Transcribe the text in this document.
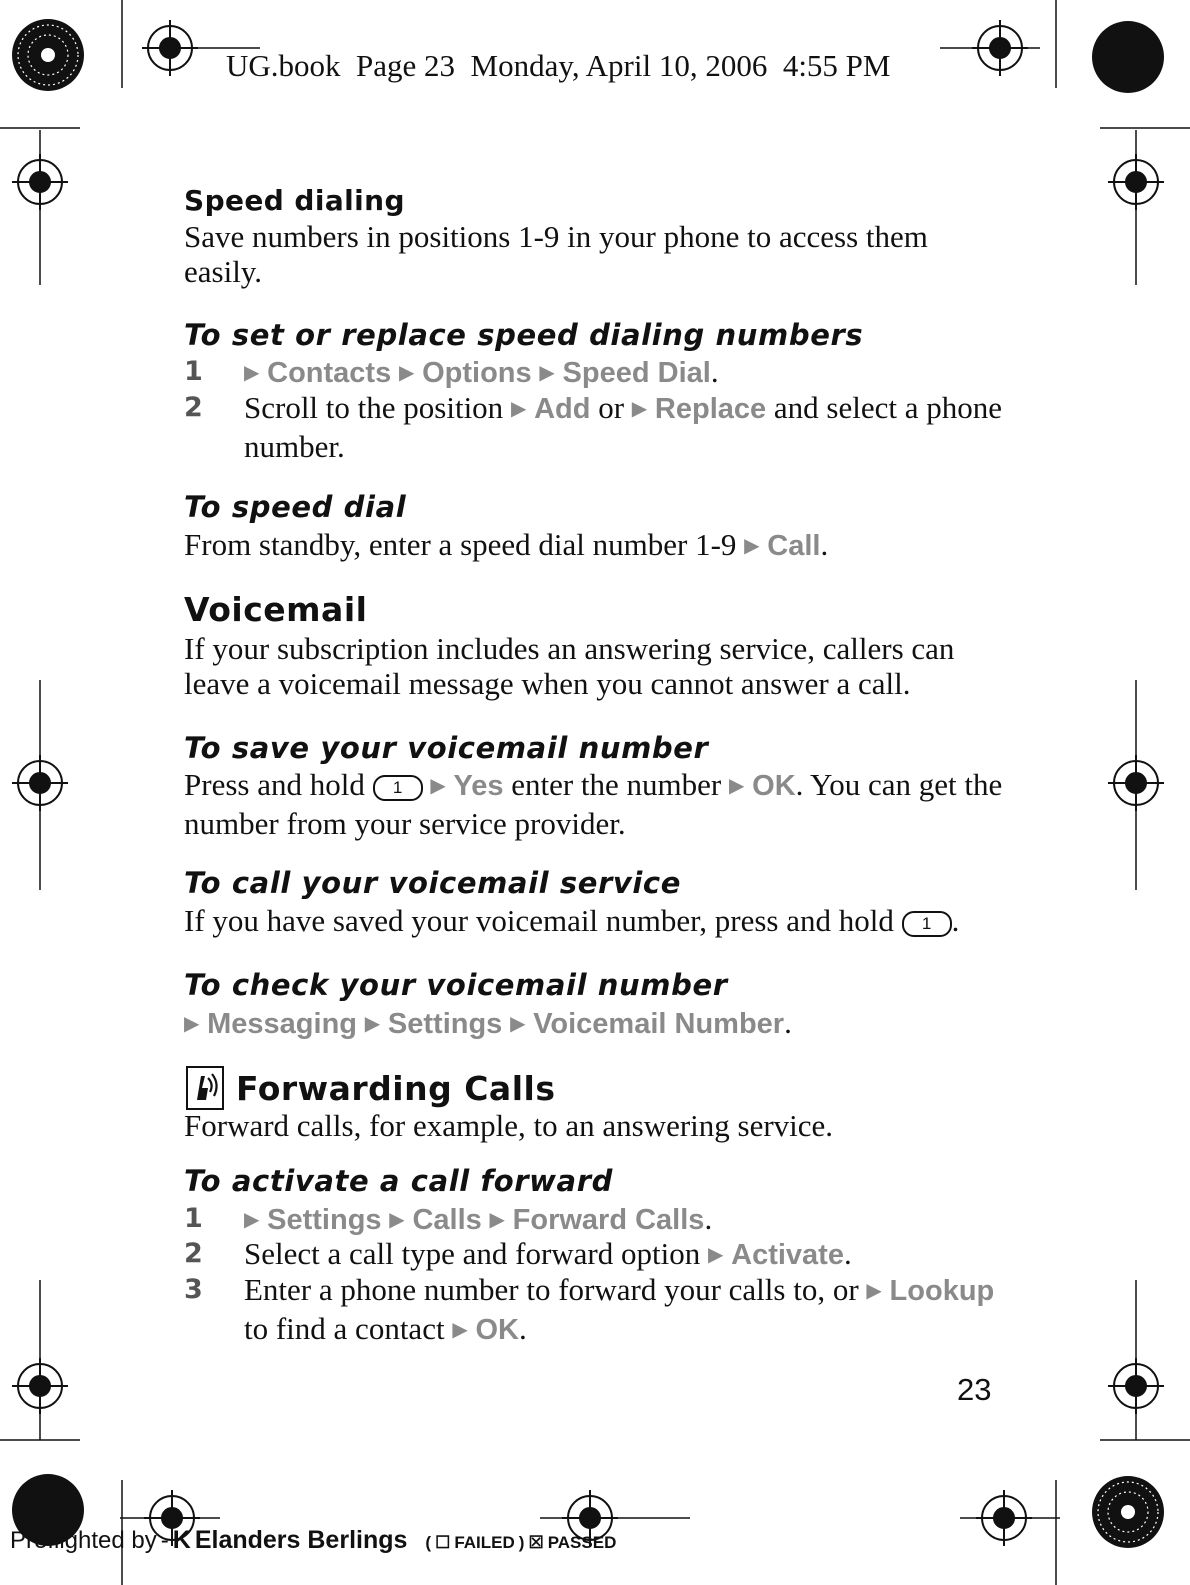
UG.book  Page 23  Monday, April 10, 2006  4:55 PM
Speed dialing
Save numbers in positions 1-9 in your phone to access them easily.
To set or replace speed dialing numbers
1 ▶ Contacts ▶ Options ▶ Speed Dial.
2 Scroll to the position ▶ Add or ▶ Replace and select a phone number.
To speed dial
From standby, enter a speed dial number 1-9 ▶ Call.
Voicemail
If your subscription includes an answering service, callers can leave a voicemail message when you cannot answer a call.
To save your voicemail number
Press and hold 1 ▶ Yes enter the number ▶ OK. You can get the number from your service provider.
To call your voicemail service
If you have saved your voicemail number, press and hold 1 .
To check your voicemail number
▶ Messaging ▶ Settings ▶ Voicemail Number.
Forwarding Calls
Forward calls, for example, to an answering service.
To activate a call forward
1 ▶ Settings ▶ Calls ▶ Forward Calls.
2 Select a call type and forward option ▶ Activate.
3 Enter a phone number to forward your calls to, or ▶ Lookup to find a contact ▶ OK.
23
Preflighted by - K Elanders Berlings ( ☐ FAILED ) ☒ PASSED
